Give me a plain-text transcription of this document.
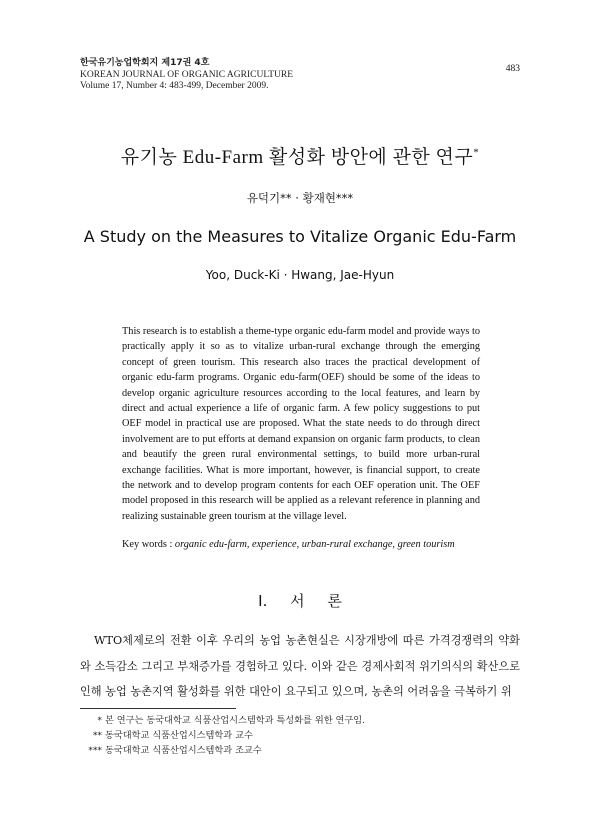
한국유기농업학회지 제17권 4호
KOREAN JOURNAL OF ORGANIC AGRICULTURE
Volume 17, Number 4: 483-499, December 2009.
483
유기농 Edu-Farm 활성화 방안에 관한 연구*
유덕기** · 황재현***
A Study on the Measures to Vitalize Organic Edu-Farm
Yoo, Duck-Ki · Hwang, Jae-Hyun
This research is to establish a theme-type organic edu-farm model and provide ways to practically apply it so as to vitalize urban-rural exchange through the emerging concept of green tourism. This research also traces the practical development of organic edu-farm programs. Organic edu-farm(OEF) should be some of the ideas to develop organic agriculture resources according to the local features, and learn by direct and actual experience a life of organic farm. A few policy suggestions to put OEF model in practical use are proposed. What the state needs to do through direct involvement are to put efforts at demand expansion on organic farm products, to clean and beautify the green rural environmental settings, to build more urban-rural exchange facilities. What is more important, however, is financial support, to create the network and to develop program contents for each OEF operation unit. The OEF model proposed in this research will be applied as a relevant reference in planning and realizing sustainable green tourism at the village level.
Key words : organic edu-farm, experience, urban-rural exchange, green tourism
I. 서 론
WTO체제로의 전환 이후 우리의 농업 농촌현실은 시장개방에 따른 가격경쟁력의 약화와 소득감소 그리고 부채증가를 경험하고 있다. 이와 같은 경제사회적 위기의식의 확산으로 인해 농업 농촌지역 활성화를 위한 대안이 요구되고 있으며, 농촌의 어려움을 극복하기 위
* 본 연구는 동국대학교 식품산업시스템학과 특성화를 위한 연구임.
** 동국대학교 식품산업시스템학과 교수
*** 동국대학교 식품산업시스템학과 조교수
